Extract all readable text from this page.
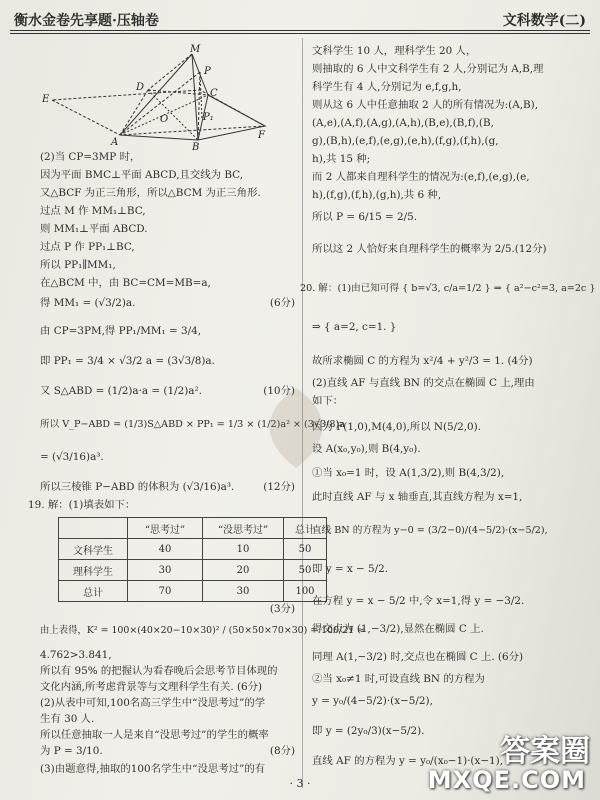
衡水金卷先享题·压轴卷	文科数学(二)
M
P
D
C
E
O	P₁
F
A	B
(2)当 CP=3MP 时，
因为平面 BMC⊥平面 ABCD,且交线为 BC,
又△BCF 为正三角形，所以△BCM 为正三角形.
过点 M 作 MM₁⊥BC,
则 MM₁⊥平面 ABCD.
过点 P 作 PP₁⊥BC,
所以 PP₁∥MM₁,
在△BCM 中，由 BC=CM=MB=a,
得 MM₁ = (√3/2)a.	(6分)
由 CP=3PM,得 PP₁/MM₁ = 3/4,
即 PP₁ = 3/4 × √3/2 a = (3√3/8)a.
又 S△ABD = (1/2)a·a = (1/2)a².	(10分)
所以 V_P−ABD = (1/3)S△ABD × PP₁ = 1/3 × (1/2)a² × (3√3/8)a
= (√3/16)a³.
所以三棱锥 P−ABD 的体积为 (√3/16)a³.	(12分)
19. 解：(1)填表如下：
(3分)
由上表得，K² = 100×(40×20−10×30)² / (50×50×70×30) = 100/21 ≈
4.762>3.841,
所以有 95% 的把握认为看春晚后会思考节目体现的
文化内涵,所考虑背景等与文理科学生有关. (6分)
(2)从表中可知,100名高三学生中“没思考过”的学
生有 30 人.
所以任意抽取一人是来自“没思考过”的学生的概率
为 P = 3/10.	(8分)
(3)由题意得,抽取的100名学生中“没思考过”的有
	“思考过”	“没思考过”	总计
文科学生	40	10	50
理科学生	30	20	50
总计	70	30	100
文科学生 10 人，理科学生 20 人，
则抽取的 6 人中文科学生有 2 人,分别记为 A,B,理
科学生有 4 人,分别记为 e,f,g,h,
则从这 6 人中任意抽取 2 人的所有情况为:(A,B),
(A,e),(A,f),(A,g),(A,h),(B,e),(B,f),(B,
g),(B,h),(e,f),(e,g),(e,h),(f,g),(f,h),(g,
h),共 15 种;
而 2 人都来自理科学生的情况为:(e,f),(e,g),(e,
h),(f,g),(f,h),(g,h),共 6 种,
所以 P = 6/15 = 2/5.
所以这 2 人恰好来自理科学生的概率为 2/5.(12分)
20. 解：(1)由已知可得 { b=√3, c/a=1/2 } ⇒ { a²−c²=3, a=2c }
⇒ { a=2, c=1. }
故所求椭圆 C 的方程为 x²/4 + y²/3 = 1. (4分)
(2)直线 AF 与直线 BN 的交点在椭圆 C 上,理由
如下：
因为 F(1,0),M(4,0),所以 N(5/2,0).
设 A(x₀,y₀),则 B(4,y₀).
①当 x₀=1 时，设 A(1,3/2),则 B(4,3/2),
此时直线 AF 与 x 轴垂直,其直线方程为 x=1,
直线 BN 的方程为 y−0 = (3/2−0)/(4−5/2)·(x−5/2),
即 y = x − 5/2.
在方程 y = x − 5/2 中,令 x=1,得 y = −3/2.
得交点为 (1,−3/2),显然在椭圆 C 上.
同理 A(1,−3/2) 时,交点也在椭圆 C 上. (6分)
②当 x₀≠1 时,可设直线 BN 的方程为
y = y₀/(4−5/2)·(x−5/2),
即 y = (2y₀/3)(x−5/2).
直线 AF 的方程为 y = y₀/(x₀−1)·(x−1),
· 3 ·
答案圈
MXQE.COM
